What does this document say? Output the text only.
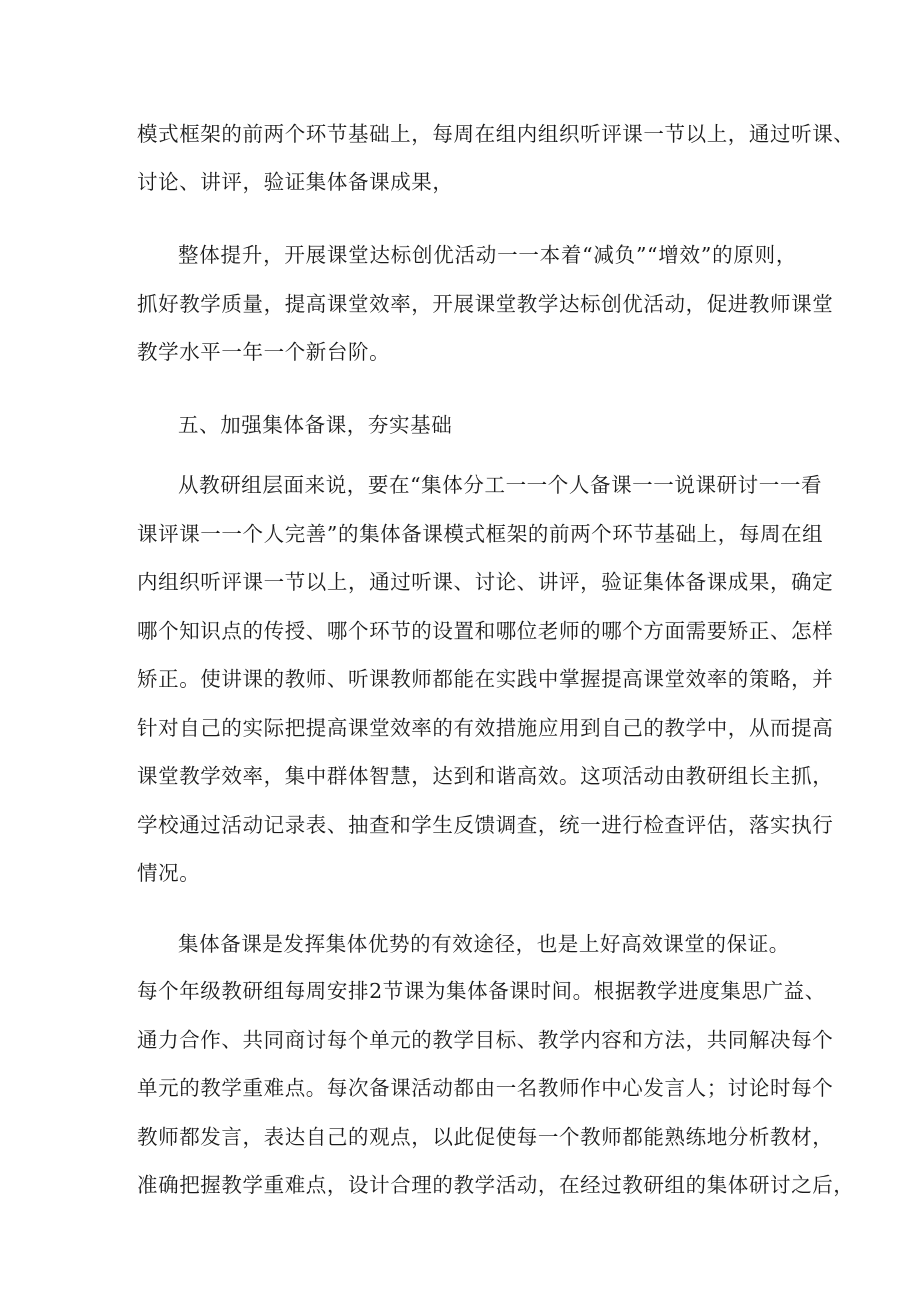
模式框架的前两个环节基础上，每周在组内组织听评课一节以上，通过听课、
讨论、讲评，验证集体备课成果，
整体提升，开展课堂达标创优活动一一本着“减负”“增效”的原则，
抓好教学质量，提高课堂效率，开展课堂教学达标创优活动，促进教师课堂
教学水平一年一个新台阶。
五、加强集体备课，夯实基础
从教研组层面来说，要在“集体分工一一个人备课一一说课研讨一一看
课评课一一个人完善”的集体备课模式框架的前两个环节基础上，每周在组
内组织听评课一节以上，通过听课、讨论、讲评，验证集体备课成果，确定
哪个知识点的传授、哪个环节的设置和哪位老师的哪个方面需要矫正、怎样
矫正。使讲课的教师、听课教师都能在实践中掌握提高课堂效率的策略，并
针对自己的实际把提高课堂效率的有效措施应用到自己的教学中，从而提高
课堂教学效率，集中群体智慧，达到和谐高效。这项活动由教研组长主抓，
学校通过活动记录表、抽查和学生反馈调查，统一进行检查评估，落实执行
情况。
集体备课是发挥集体优势的有效途径，也是上好高效课堂的保证。
每个年级教研组每周安排2节课为集体备课时间。根据教学进度集思广益、
通力合作、共同商讨每个单元的教学目标、教学内容和方法，共同解决每个
单元的教学重难点。每次备课活动都由一名教师作中心发言人；讨论时每个
教师都发言，表达自己的观点，以此促使每一个教师都能熟练地分析教材，
准确把握教学重难点，设计合理的教学活动，在经过教研组的集体研讨之后，
